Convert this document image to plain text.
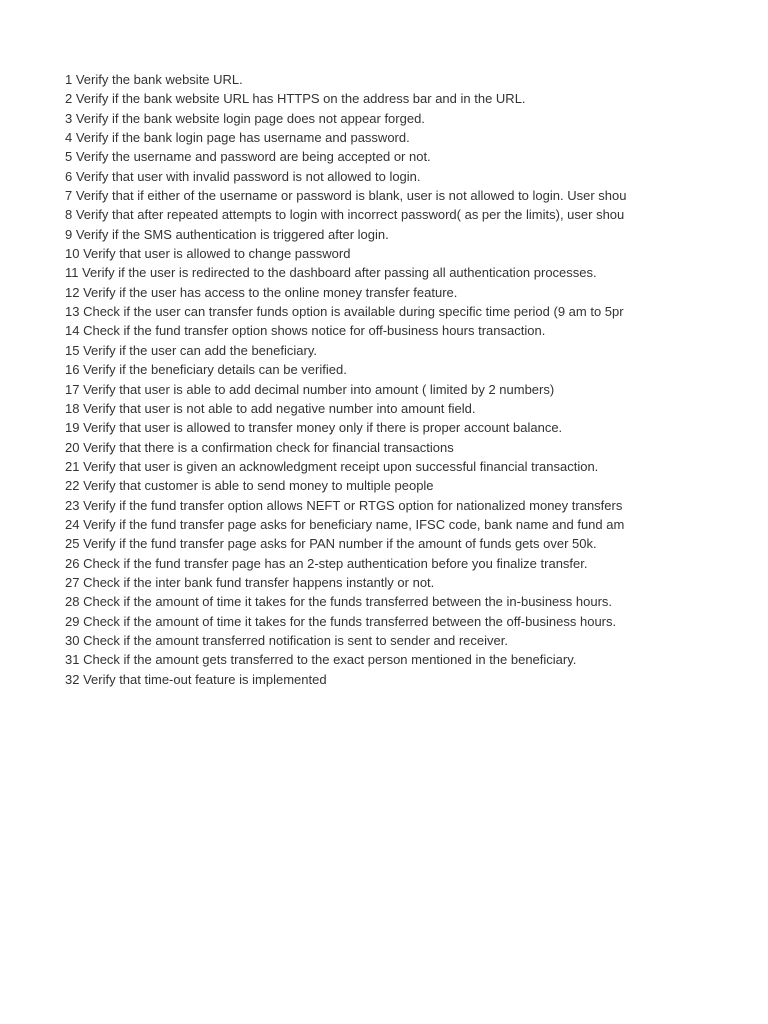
1 Verify the bank website URL.
2 Verify if the bank website URL has HTTPS on the address bar and in the URL.
3 Verify if the bank website login page does not appear forged.
4 Verify if the bank login page has username and password.
5 Verify the username and password are being accepted or not.
6 Verify that user with invalid password is not allowed to login.
7 Verify that if either of the username or password is blank, user is not allowed to login. User shou
8 Verify that after repeated attempts to login with incorrect password( as per the limits), user shou
9 Verify if the SMS authentication is triggered after login.
10 Verify that user is allowed to change password
11 Verify if the user is redirected to the dashboard after passing all authentication processes.
12 Verify if the user has access to the online money transfer feature.
13 Check if the user can transfer funds option is available during specific time period (9 am to 5pr
14 Check if the fund transfer option shows notice for off-business hours transaction.
15 Verify if the user can add the beneficiary.
16 Verify if the beneficiary details can be verified.
17 Verify that user is able to add decimal number into amount ( limited by 2 numbers)
18 Verify that user is not able to add negative number into amount field.
19 Verify that user is allowed to transfer money only if there is proper account balance.
20 Verify that there is a confirmation check for financial transactions
21 Verify that user is given an acknowledgment receipt upon successful financial transaction.
22 Verify that customer is able to send money to multiple people
23 Verify if the fund transfer option allows NEFT or RTGS option for nationalized money transfers
24 Verify if the fund transfer page asks for beneficiary name, IFSC code, bank name and fund am
25 Verify if the fund transfer page asks for PAN number if the amount of funds gets over 50k.
26 Check if the fund transfer page has an 2-step authentication before you finalize transfer.
27 Check if the inter bank fund transfer happens instantly or not.
28 Check if the amount of time it takes for the funds transferred between the in-business hours.
29 Check if the amount of time it takes for the funds transferred between the off-business hours.
30 Check if the amount transferred notification is sent to sender and receiver.
31 Check if the amount gets transferred to the exact person mentioned in the beneficiary.
32 Verify that time-out feature is implemented
